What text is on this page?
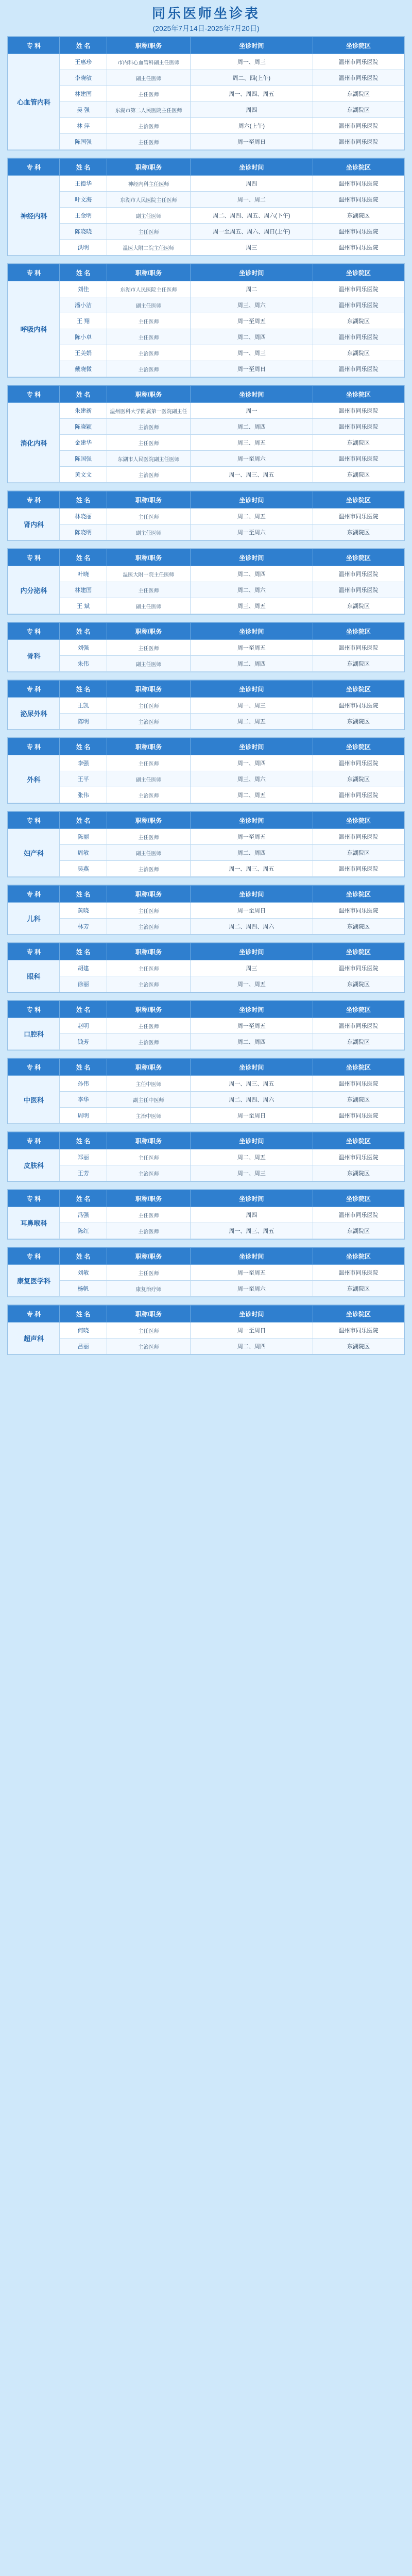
同乐医师坐诊表
(2025年7月14日-2025年7月20日)
专 科	姓 名	职称/职务	坐诊时间	坐诊院区
心血管内科	王惠珍	市内科心血管科副主任医师	周一、周三	温州市同乐医院
	李晓敏	副主任医师	周二、四(上午)	温州市同乐医院
	林建国	主任医师	周一、周四、周五	东湖院区
	吴 强	东湖市第二人民医院主任医师	周四	东湖院区
	林 萍	主治医师	周六(上午)	温州市同乐医院
	陈国强	主任医师	周一至周日	温州市同乐医院
专 科	姓 名	职称/职务	坐诊时间	坐诊院区
神经内科	王德华	神经内科主任医师	周四	温州市同乐医院
	叶文海	东湖市人民医院主任医师	周一、周二	温州市同乐医院
	王金明	副主任医师	周二、周四、周五、周六(下午)	东湖院区
	陈晓晓	主任医师	周一至周五、周六、周日(上午)	温州市同乐医院
	洪明	温医大附二院主任医师	周三	温州市同乐医院
专 科	姓 名	职称/职务	坐诊时间	坐诊院区
呼吸内科	刘佳	东湖市人民医院主任医师	周二	温州市同乐医院
	潘小洁	副主任医师	周三、周六	温州市同乐医院
	王 翔	主任医师	周一至周五	东湖院区
	陈小卓	主任医师	周二、周四	温州市同乐医院
	王美娟	主治医师	周一、周三	东湖院区
	戴晓微	主治医师	周一至周日	温州市同乐医院
专 科	姓 名	职称/职务	坐诊时间	坐诊院区
消化内科	朱建新	温州医科大学附属第一医院副主任	周一	温州市同乐医院
	陈晓颖	主治医师	周二、周四	温州市同乐医院
	金建华	主任医师	周三、周五	东湖院区
	陈国强	东湖市人民医院副主任医师	周一至周六	温州市同乐医院
	黄文文	主治医师	周一、周三、周五	东湖院区
专 科	姓 名	职称/职务	坐诊时间	坐诊院区
肾内科	林晓丽	主任医师	周二、周五	温州市同乐医院
	陈晓明	副主任医师	周一至周六	东湖院区
专 科	姓 名	职称/职务	坐诊时间	坐诊院区
内分泌科	叶晓	温医大附一院主任医师	周二、周四	温州市同乐医院
	林建国	主任医师	周二、周六	温州市同乐医院
	王 斌	副主任医师	周三、周五	东湖院区
专 科	姓 名	职称/职务	坐诊时间	坐诊院区
骨科	刘强	主任医师	周一至周五	温州市同乐医院
	朱伟	副主任医师	周二、周四	东湖院区
专 科	姓 名	职称/职务	坐诊时间	坐诊院区
泌尿外科	王凯	主任医师	周一、周三	温州市同乐医院
	陈明	主治医师	周二、周五	东湖院区
专 科	姓 名	职称/职务	坐诊时间	坐诊院区
外科	李强	主任医师	周一、周四	温州市同乐医院
	王平	副主任医师	周三、周六	东湖院区
	张伟	主治医师	周二、周五	温州市同乐医院
专 科	姓 名	职称/职务	坐诊时间	坐诊院区
妇产科	陈丽	主任医师	周一至周五	温州市同乐医院
	周敏	副主任医师	周二、周四	东湖院区
	吴燕	主治医师	周一、周三、周五	温州市同乐医院
专 科	姓 名	职称/职务	坐诊时间	坐诊院区
儿科	黄晓	主任医师	周一至周日	温州市同乐医院
	林芳	主治医师	周二、周四、周六	东湖院区
专 科	姓 名	职称/职务	坐诊时间	坐诊院区
眼科	胡建	主任医师	周三	温州市同乐医院
	徐丽	主治医师	周一、周五	东湖院区
专 科	姓 名	职称/职务	坐诊时间	坐诊院区
口腔科	赵明	主任医师	周一至周五	温州市同乐医院
	钱芳	主治医师	周二、周四	东湖院区
专 科	姓 名	职称/职务	坐诊时间	坐诊院区
中医科	孙伟	主任中医师	周一、周三、周五	温州市同乐医院
	李华	副主任中医师	周二、周四、周六	东湖院区
	周明	主治中医师	周一至周日	温州市同乐医院
专 科	姓 名	职称/职务	坐诊时间	坐诊院区
皮肤科	郑丽	主任医师	周二、周五	温州市同乐医院
	王芳	主治医师	周一、周三	东湖院区
专 科	姓 名	职称/职务	坐诊时间	坐诊院区
耳鼻喉科	冯强	主任医师	周四	温州市同乐医院
	陈红	主治医师	周一、周三、周五	东湖院区
专 科	姓 名	职称/职务	坐诊时间	坐诊院区
康复医学科	刘敏	主任医师	周一至周五	温州市同乐医院
	杨帆	康复治疗师	周一至周六	东湖院区
专 科	姓 名	职称/职务	坐诊时间	坐诊院区
超声科	何晓	主任医师	周一至周日	温州市同乐医院
	吕丽	主治医师	周二、周四	东湖院区
